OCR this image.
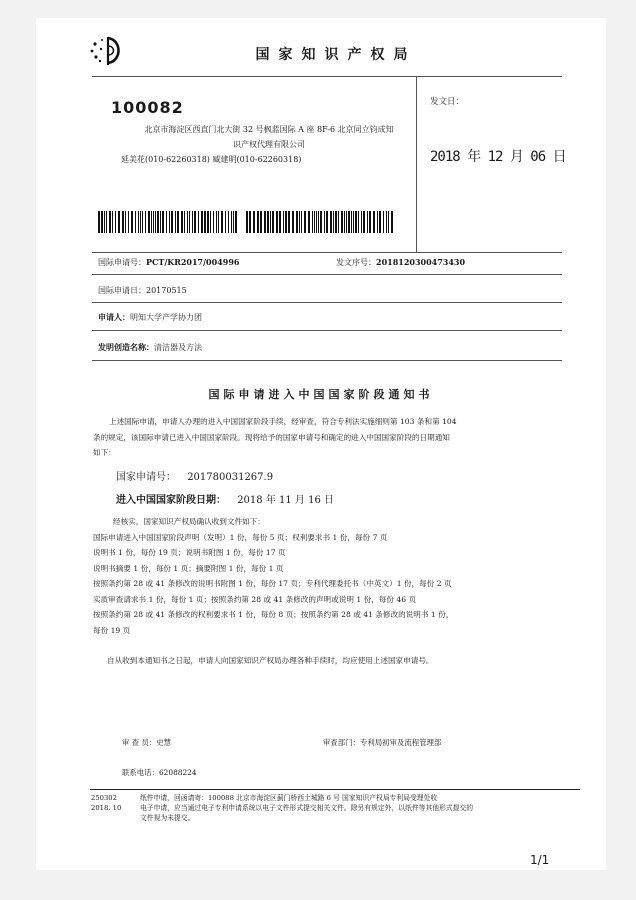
国家知识产权局
100082
北京市海淀区西直门北大街 32 号枫蓝国际 A 座 8F-6 北京同立钧成知
识产权代理有限公司
延美花(010-62260318) 臧建明(010-62260318)
发文日：
2018 年 12 月 06 日
国际申请号：PCT/KR2017/004996	发文序号：2018120300473430
国际申请日：20170515
申请人：明知大学产学协力团
发明创造名称：清洁器及方法
国际申请进入中国国家阶段通知书
上述国际申请，申请人办理的进入中国国家阶段手续，经审查，符合专利法实施细则第 103 条和第 104
条的规定，该国际申请已进入中国国家阶段。现将给予的国家申请号和确定的进入中国国家阶段的日期通知
如下：
国家申请号： 201780031267.9
进入中国国家阶段日期： 2018 年 11 月 16 日
经核实，国家知识产权局确认收到文件如下：
国际申请进入中国国家阶段声明（发明）1 份，每份 5 页；权利要求书 1 份，每份 7 页
说明书 1 份，每份 19 页；说明书附图 1 份，每份 17 页
说明书摘要 1 份，每份 1 页；摘要附图 1 份，每份 1 页
按照条约第 28 或 41 条修改的说明书附图 1 份，每份 17 页；专利代理委托书（中英文）1 份，每份 2 页
实质审查请求书 1 份，每份 1 页；按照条约第 28 或 41 条修改的声明或说明 1 份，每份 46 页
按照条约第 28 或 41 条修改的权利要求书 1 份，每份 8 页；按照条约第 28 或 41 条修改的说明书 1 份，
每份 19 页
自从收到本通知书之日起，申请人向国家知识产权局办理各种手续时，均应使用上述国家申请号。
审 查 员：史慧	审查部门：专利局初审及流程管理部
联系电话：62088224
250302
2018. 10
纸件申请，回函请寄：100088 北京市海淀区蓟门桥西土城路 6 号 国家知识产权局专利局受理处收
电子申请，应当通过电子专利申请系统以电子文件形式提交相关文件。除另有规定外，以纸件等其他形式提交的
文件视为未提交。
1/1
